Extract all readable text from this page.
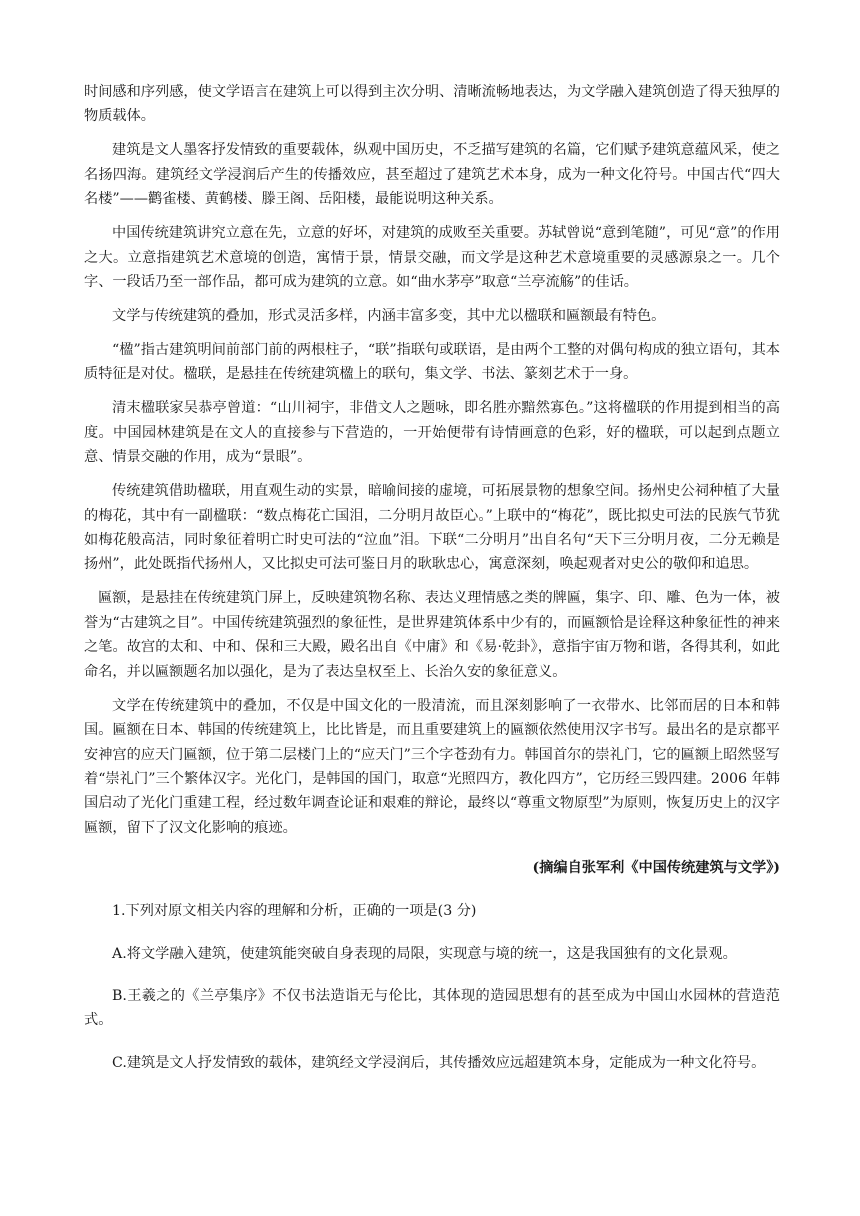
时间感和序列感，使文学语言在建筑上可以得到主次分明、清晰流畅地表达，为文学融入建筑创造了得天独厚的物质载体。

建筑是文人墨客抒发情致的重要载体，纵观中国历史，不乏描写建筑的名篇，它们赋予建筑意蕴风采，使之名扬四海。建筑经文学浸润后产生的传播效应，甚至超过了建筑艺术本身，成为一种文化符号。中国古代“四大名楼”——鹳雀楼、黄鹤楼、滕王阁、岳阳楼，最能说明这种关系。

中国传统建筑讲究立意在先，立意的好坏，对建筑的成败至关重要。苏轼曾说“意到笔随”，可见“意”的作用之大。立意指建筑艺术意境的创造，寓情于景，情景交融，而文学是这种艺术意境重要的灵感源泉之一。几个字、一段话乃至一部作品，都可成为建筑的立意。如“曲水茅亭”取意“兰亭流觞”的佳话。

文学与传统建筑的叠加，形式灵活多样，内涵丰富多变，其中尤以楹联和匾额最有特色。

“楹”指古建筑明间前部门前的两根柱子，“联”指联句或联语，是由两个工整的对偶句构成的独立语句，其本质特征是对仗。楹联，是悬挂在传统建筑楹上的联句，集文学、书法、篆刻艺术于一身。

清末楹联家吴恭亭曾道：“山川祠宇，非借文人之题咏，即名胜亦黯然寡色。”这将楹联的作用提到相当的高度。中国园林建筑是在文人的直接参与下营造的，一开始便带有诗情画意的色彩，好的楹联，可以起到点题立意、情景交融的作用，成为“景眼”。

传统建筑借助楹联，用直观生动的实景，暗喻间接的虚境，可拓展景物的想象空间。扬州史公祠种植了大量的梅花，其中有一副楹联：“数点梅花亡国泪，二分明月故臣心。”上联中的“梅花”，既比拟史可法的民族气节犹如梅花般高洁，同时象征着明亡时史可法的“泣血”泪。下联“二分明月”出自名句“天下三分明月夜，二分无赖是扬州”，此处既指代扬州人，又比拟史可法可鉴日月的耿耿忠心，寓意深刻，唤起观者对史公的敬仰和追思。

匾额，是悬挂在传统建筑门屏上，反映建筑物名称、表达义理情感之类的牌匾，集字、印、雕、色为一体，被誉为“古建筑之目”。中国传统建筑强烈的象征性，是世界建筑体系中少有的，而匾额恰是诠释这种象征性的神来之笔。故宫的太和、中和、保和三大殿，殿名出自《中庸》和《易·乾卦》，意指宇宙万物和谐，各得其利，如此命名，并以匾额题名加以强化，是为了表达皇权至上、长治久安的象征意义。

文学在传统建筑中的叠加，不仅是中国文化的一股清流，而且深刻影响了一衣带水、比邻而居的日本和韩国。匾额在日本、韩国的传统建筑上，比比皆是，而且重要建筑上的匾额依然使用汉字书写。最出名的是京都平安神宫的应天门匾额，位于第二层楼门上的“应天门”三个字苍劲有力。韩国首尔的崇礼门，它的匾额上昭然竖写着“崇礼门”三个繁体汉字。光化门，是韩国的国门，取意“光照四方，教化四方”，它历经三毁四建。2006 年韩国启动了光化门重建工程，经过数年调查论证和艰难的辩论，最终以“尊重文物原型”为原则，恢复历史上的汉字匾额，留下了汉文化影响的痕迹。

(摘编自张军利《中国传统建筑与文学》)

1.下列对原文相关内容的理解和分析，正确的一项是(3 分)

A.将文学融入建筑，使建筑能突破自身表现的局限，实现意与境的统一，这是我国独有的文化景观。

B.王羲之的《兰亭集序》不仅书法造诣无与伦比，其体现的造园思想有的甚至成为中国山水园林的营造范式。

C.建筑是文人抒发情致的载体，建筑经文学浸润后，其传播效应远超建筑本身，定能成为一种文化符号。
